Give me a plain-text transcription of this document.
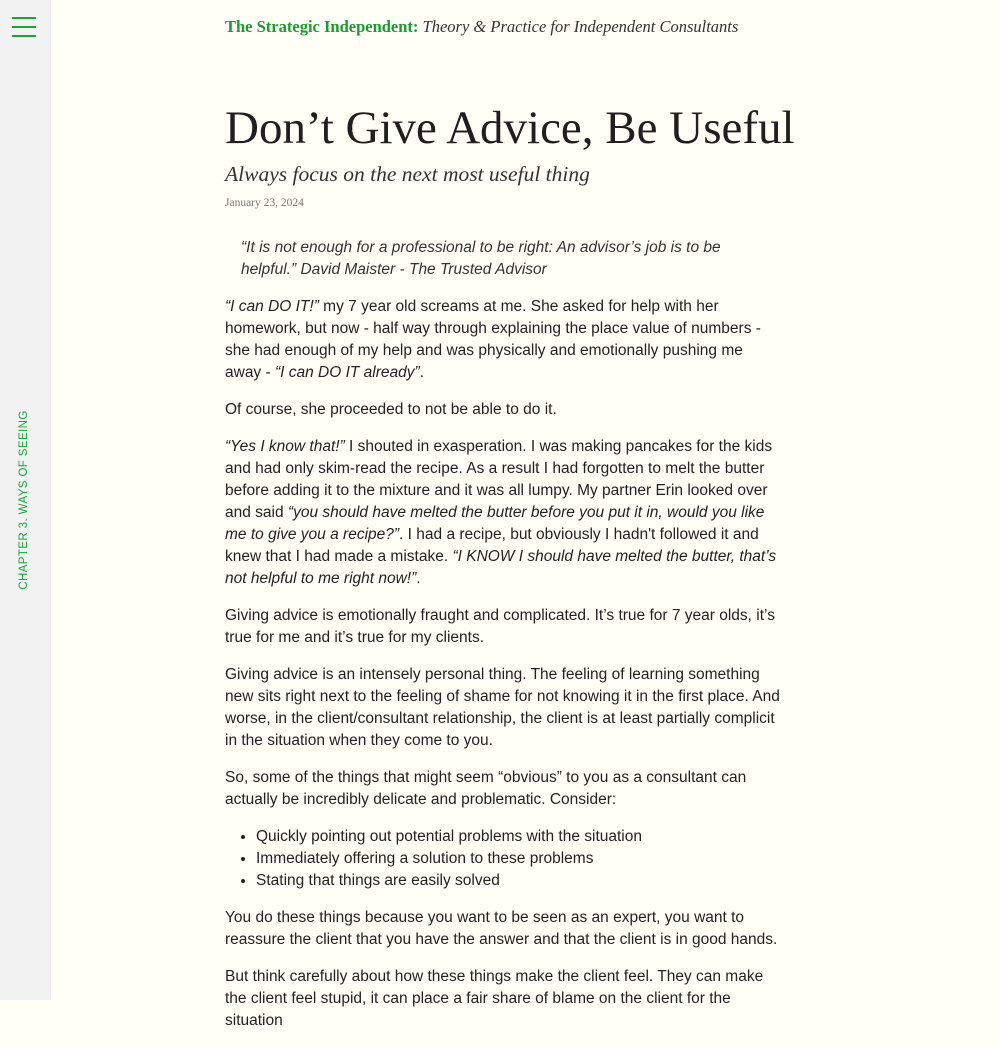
CHAPTER 3. WAYS OF SEEING
The Strategic Independent: Theory & Practice for Independent Consultants
Don’t Give Advice, Be Useful
Always focus on the next most useful thing
January 23, 2024
“It is not enough for a professional to be right: An advisor’s job is to be helpful.” David Maister - The Trusted Advisor

“I can DO IT!” my 7 year old screams at me. She asked for help with her homework, but now - half way through explaining the place value of numbers - she had enough of my help and was physically and emotionally pushing me away - “I can DO IT already”.

Of course, she proceeded to not be able to do it.

“Yes I know that!” I shouted in exasperation. I was making pancakes for the kids and had only skim-read the recipe. As a result I had forgotten to melt the butter before adding it to the mixture and it was all lumpy. My partner Erin looked over and said “you should have melted the butter before you put it in, would you like me to give you a recipe?”. I had a recipe, but obviously I hadn't followed it and knew that I had made a mistake. “I KNOW I should have melted the butter, that’s not helpful to me right now!”.

Giving advice is emotionally fraught and complicated. It’s true for 7 year olds, it’s true for me and it’s true for my clients.

Giving advice is an intensely personal thing. The feeling of learning something new sits right next to the feeling of shame for not knowing it in the first place. And worse, in the client/consultant relationship, the client is at least partially complicit in the situation when they come to you.

So, some of the things that might seem “obvious” to you as a consultant can actually be incredibly delicate and problematic. Consider:

• Quickly pointing out potential problems with the situation
• Immediately offering a solution to these problems
• Stating that things are easily solved

You do these things because you want to be seen as an expert, you want to reassure the client that you have the answer and that the client is in good hands.

But think carefully about how these things make the client feel. They can make the client feel stupid, it can place a fair share of blame on the client for the situation
